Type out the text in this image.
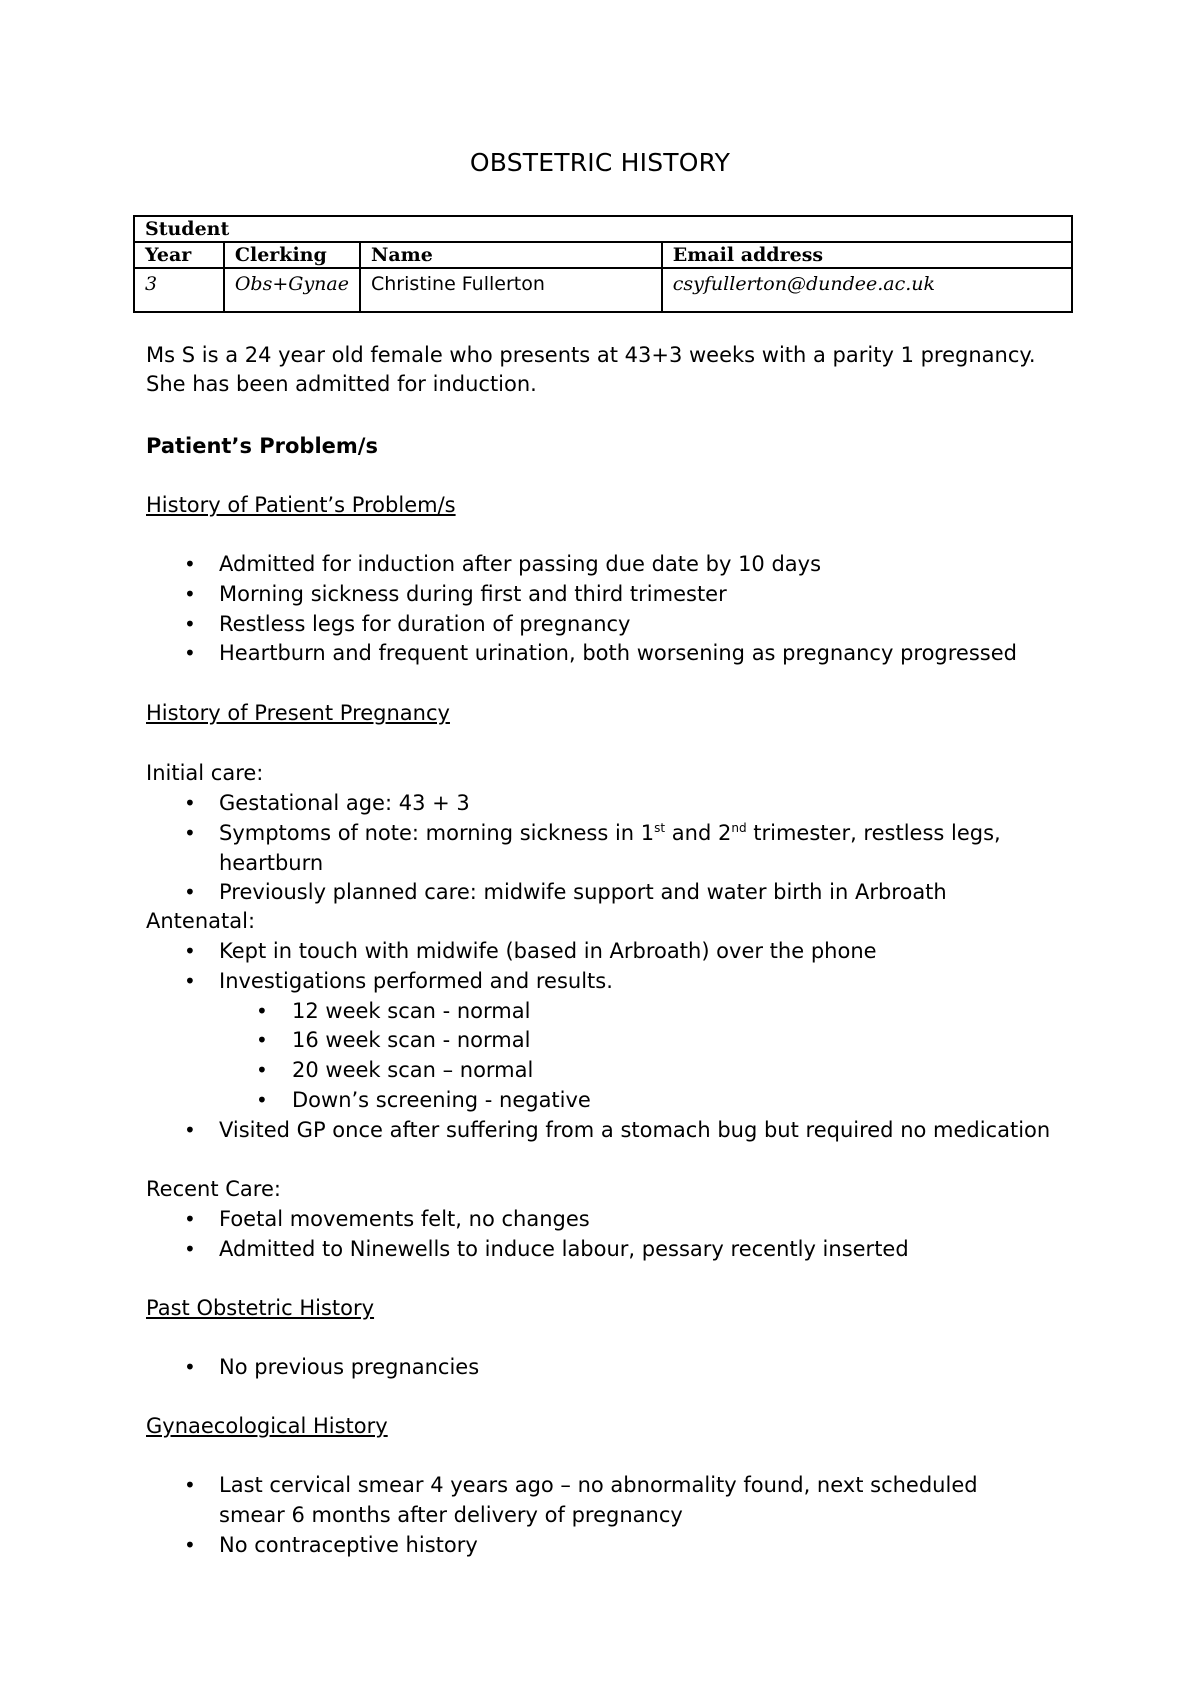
OBSTETRIC HISTORY
Student			
Year	Clerking	Name	Email address
3	Obs+Gynae	Christine Fullerton	csyfullerton@dundee.ac.uk
Ms S is a 24 year old female who presents at 43+3 weeks with a parity 1 pregnancy. She has been admitted for induction.
Patient’s Problem/s
History of Patient’s Problem/s
• Admitted for induction after passing due date by 10 days
• Morning sickness during first and third trimester
• Restless legs for duration of pregnancy
• Heartburn and frequent urination, both worsening as pregnancy progressed
History of Present Pregnancy
Initial care:
• Gestational age: 43 + 3
• Symptoms of note: morning sickness in 1st and 2nd trimester, restless legs, heartburn
• Previously planned care: midwife support and water birth in Arbroath
Antenatal:
• Kept in touch with midwife (based in Arbroath) over the phone
• Investigations performed and results.
• 12 week scan - normal
• 16 week scan - normal
• 20 week scan – normal
• Down’s screening - negative
• Visited GP once after suffering from a stomach bug but required no medication
Recent Care:
• Foetal movements felt, no changes
• Admitted to Ninewells to induce labour, pessary recently inserted
Past Obstetric History
• No previous pregnancies
Gynaecological History
• Last cervical smear 4 years ago – no abnormality found, next scheduled smear 6 months after delivery of pregnancy
• No contraceptive history
